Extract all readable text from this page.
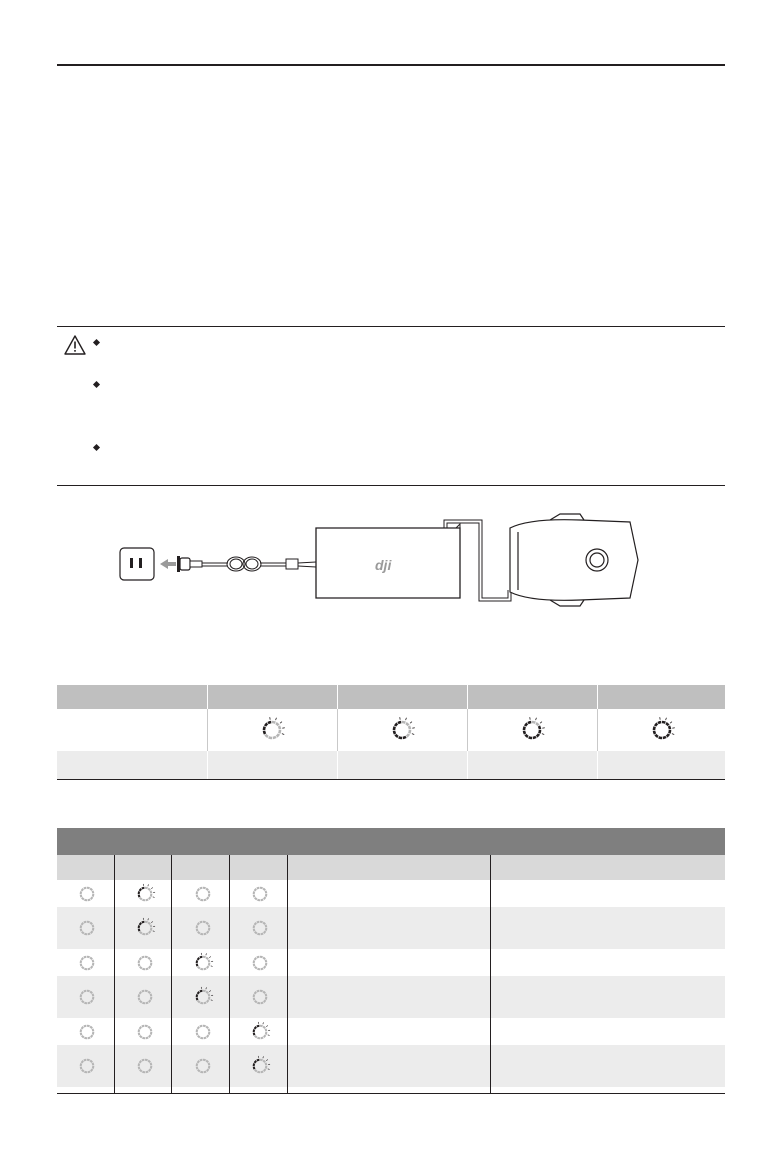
dji
